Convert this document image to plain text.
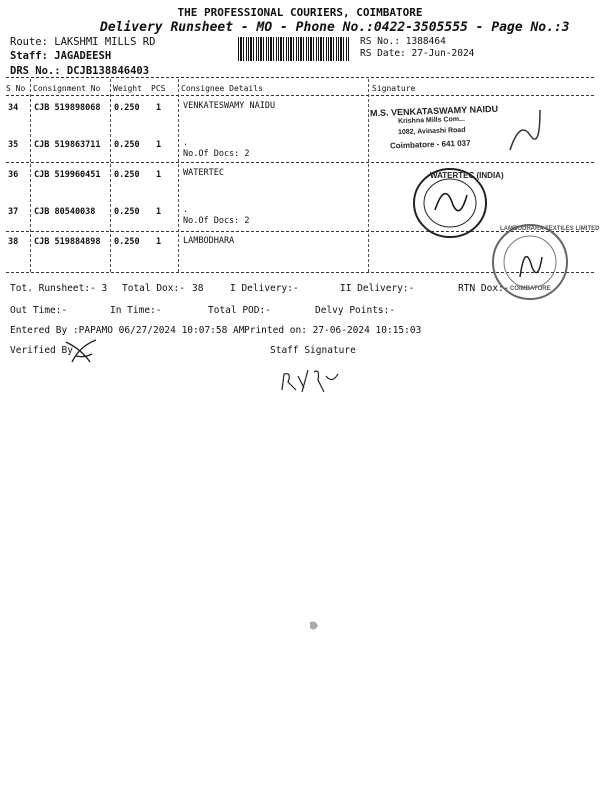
THE PROFESSIONAL COURIERS, COIMBATORE
Delivery Runsheet - MO - Phone No.:0422-3505555 - Page No.:3
Route: LAKSHMI MILLS RD
Staff: JAGADEESH
DRS No.: DCJB138846403
RS No.: 1388464
RS Date: 27-Jun-2024
S No Consignment No Weight PCS Consignee Details	Signature
34 CJB 519898068 0.250 1	VENKATESWAMY NAIDU
35 CJB 519863711 0.250 1	.
No.Of Docs: 2
36 CJB 519960451 0.250 1	WATERTEC
37 CJB 80540038 0.250 1	.
No.Of Docs: 2
38 CJB 519884898 0.250 1	LAMBODHARA
M.S. VENKATASWAMY NAIDU
Krishna Mills Com...
1082, Avinashi Road
Coimbatore - 641 037
WATERTEC (INDIA)
LAMBODHARA TEXTILES LIMITED
COIMBATORE
Tot. Runsheet:- 3 Total Dox:- 38	I Delivery:-	II Delivery:-	RTN Dox:-
Out Time:-	In Time:-	Total POD:-	Delvy Points:-
Entered By :PAPAMO 06/27/2024 10:07:58 AM Printed on: 27-06-2024 10:15:03
Verified By	Staff Signature
